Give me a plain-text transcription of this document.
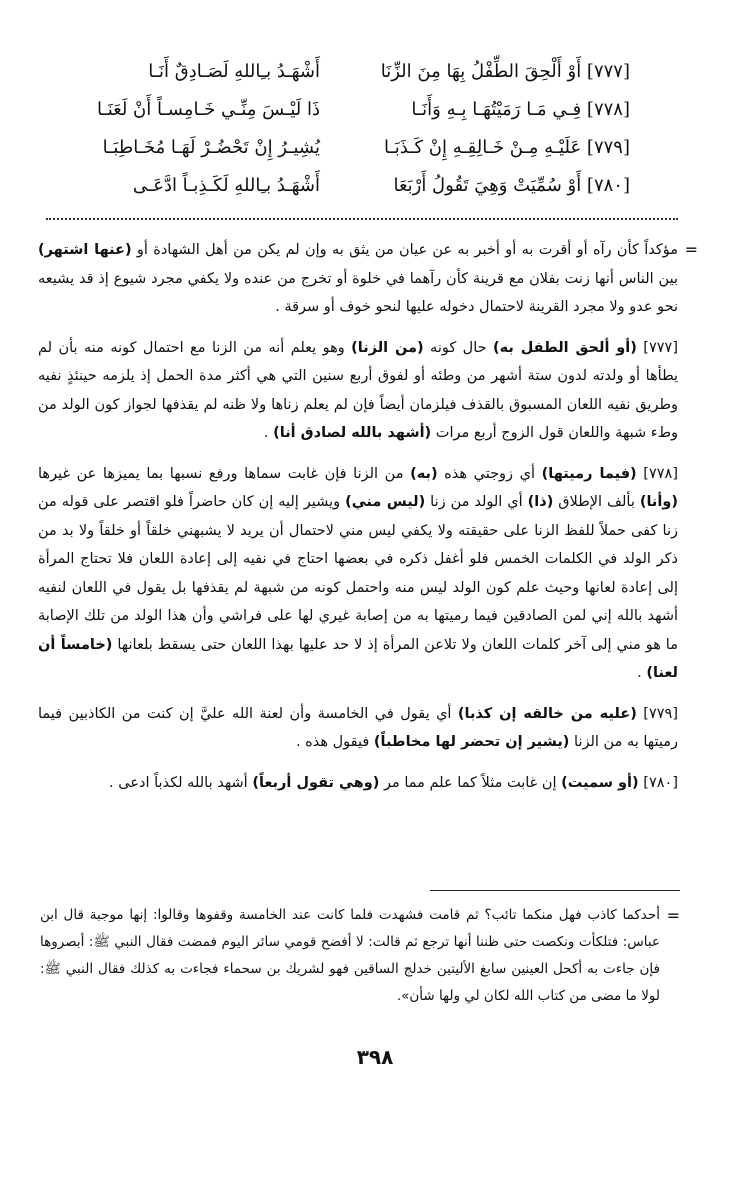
[٧٧٧] أَوْ أَلْحِقَ الطِّفْلُ بِهَا مِنَ الزِّنَا
أَشْهَـدُ بـِاللهِ لَصَـادِقٌ أَنَـا
[٧٧٨] فِـي مَـا رَمَيْتُهَـا بِـهِ وَأَنَـا
ذَا لَيْـسَ مِنِّـي خَـامِسـاً أَنْ لَعَنَـا
[٧٧٩] عَلَيْـهِ مِـنْ خَـالِقِـهِ إِنْ كَـذَبَـا
يُشِيـرُ إِنْ تَحْضُـرْ لَهَـا مُخَـاطِبَـا
[٧٨٠] أَوْ سُمِّيَتْ وَهِيَ تَقُولُ أَرْبَعَا
أَشْهَـدُ بـِاللهِ لَكَـذِبـاً ادَّعَـى

=
مؤكداً كأن رآه أو أقرت به أو أخبر به عن عيان من يثق به وإن لم يكن من أهل الشهادة أو (عنها اشتهر) بين الناس أنها زنت بفلان مع قرينة كأن رآهما في خلوة أو تخرج من عنده ولا يكفي مجرد شيوع إذ قد يشيعه نحو عدو ولا مجرد القرينة لاحتمال دخوله عليها لنحو خوف أو سرقة .

[٧٧٧] (أو ألحق الطفل به) حال كونه (من الزنا) وهو يعلم أنه من الزنا مع احتمال كونه منه بأن لم يطأها أو ولدته لدون ستة أشهر من وطئه أو لفوق أربع سنين التي هي أكثر مدة الحمل إذ يلزمه حينئذٍ نفيه وطريق نفيه اللعان المسبوق بالقذف فيلزمان أيضاً فإن لم يعلم زناها ولا ظنه لم يقذفها لجواز كون الولد من وطء شبهة واللعان قول الزوج أربع مرات (أشهد بالله لصادق أنا) .

[٧٧٨] (فيما رميتها) أي زوجتي هذه (به) من الزنا فإن غابت سماها ورفع نسبها بما يميزها عن غيرها (وأنا) بألف الإطلاق (ذا) أي الولد من زنا (ليس مني) ويشير إليه إن كان حاضراً فلو اقتصر على قوله من زنا كفى حملاً للفظ الزنا على حقيقته ولا يكفي ليس مني لاحتمال أن يريد لا يشبهني خلقاً أو خلقاً ولا بد من ذكر الولد في الكلمات الخمس فلو أغفل ذكره في بعضها احتاج في نفيه إلى إعادة اللعان فلا تحتاج المرأة إلى إعادة لعانها وحيث علم كون الولد ليس منه واحتمل كونه من شبهة لم يقذفها بل يقول في اللعان لنفيه أشهد بالله إني لمن الصادقين فيما رميتها به من إصابة غيري لها على فراشي وأن هذا الولد من تلك الإصابة ما هو مني إلى آخر كلمات اللعان ولا تلاعن المرأة إذ لا حد عليها بهذا اللعان حتى يسقط بلعانها (خامساً أن لعنا) .

[٧٧٩] (عليه من خالقه إن كذبا) أي يقول في الخامسة وأن لعنة الله عليَّ إن كنت من الكاذبين فيما رميتها به من الزنا (يشير إن تحضر لها مخاطباً) فيقول هذه .

[٧٨٠] (أو سميت) إن غابت مثلاً كما علم مما مر (وهي تقول أربعاً) أشهد بالله لكذباً ادعى .

=
أحدكما كاذب فهل منكما تائب؟ ثم قامت فشهدت فلما كانت عند الخامسة وقفوها وقالوا: إنها موجبة قال ابن عباس: فتلكأت ونكصت حتى ظننا أنها ترجع ثم قالت: لا أفضح قومي سائر اليوم فمضت فقال النبي ﷺ: أبصروها فإن جاءت به أكحل العينين سابغ الأليتين خدلج الساقين فهو لشريك بن سحماء فجاءت به كذلك فقال النبي ﷺ: لولا ما مضى من كتاب الله لكان لي ولها شأن».
٣٩٨
